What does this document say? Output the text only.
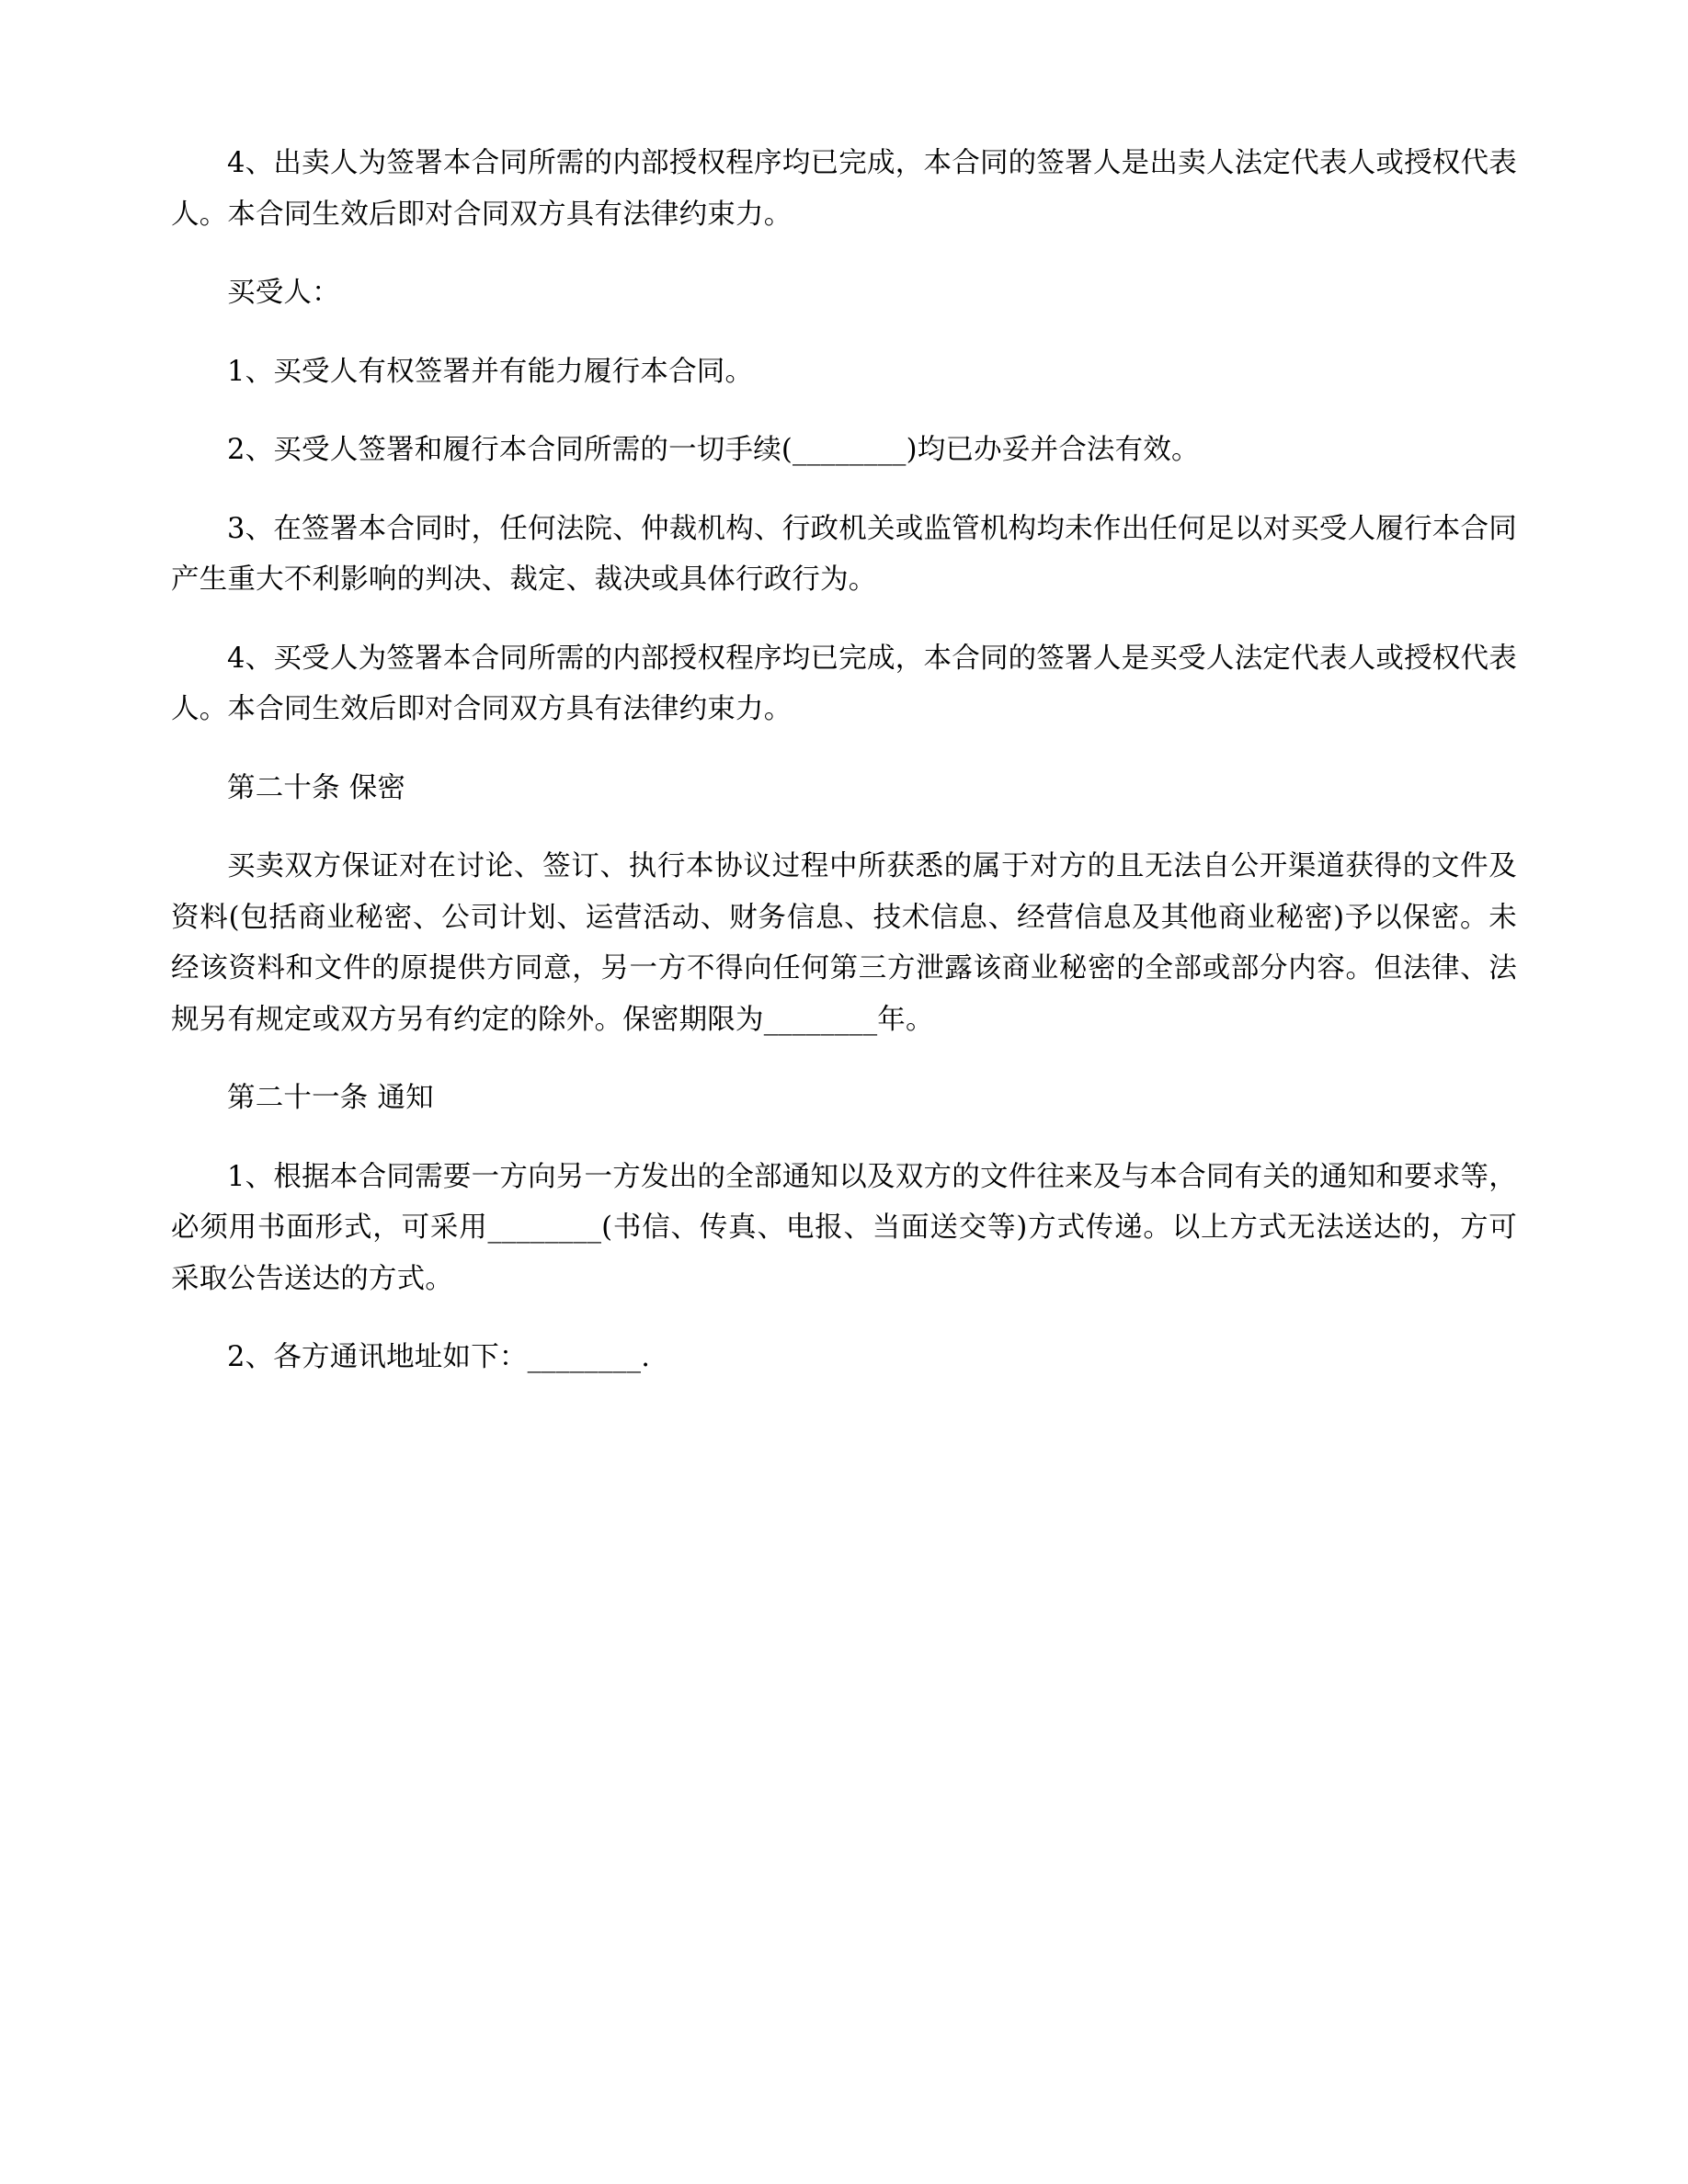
4、出卖人为签署本合同所需的内部授权程序均已完成，本合同的签署人是出卖人法定代表人或授权代表人。本合同生效后即对合同双方具有法律约束力。

买受人：

1、买受人有权签署并有能力履行本合同。

2、买受人签署和履行本合同所需的一切手续(________)均已办妥并合法有效。

3、在签署本合同时，任何法院、仲裁机构、行政机关或监管机构均未作出任何足以对买受人履行本合同产生重大不利影响的判决、裁定、裁决或具体行政行为。

4、买受人为签署本合同所需的内部授权程序均已完成，本合同的签署人是买受人法定代表人或授权代表人。本合同生效后即对合同双方具有法律约束力。

第二十条 保密

买卖双方保证对在讨论、签订、执行本协议过程中所获悉的属于对方的且无法自公开渠道获得的文件及资料(包括商业秘密、公司计划、运营活动、财务信息、技术信息、经营信息及其他商业秘密)予以保密。未经该资料和文件的原提供方同意，另一方不得向任何第三方泄露该商业秘密的全部或部分内容。但法律、法规另有规定或双方另有约定的除外。保密期限为________年。

第二十一条 通知

1、根据本合同需要一方向另一方发出的全部通知以及双方的文件往来及与本合同有关的通知和要求等，必须用书面形式，可采用________(书信、传真、电报、当面送交等)方式传递。以上方式无法送达的，方可采取公告送达的方式。

2、各方通讯地址如下：________.
